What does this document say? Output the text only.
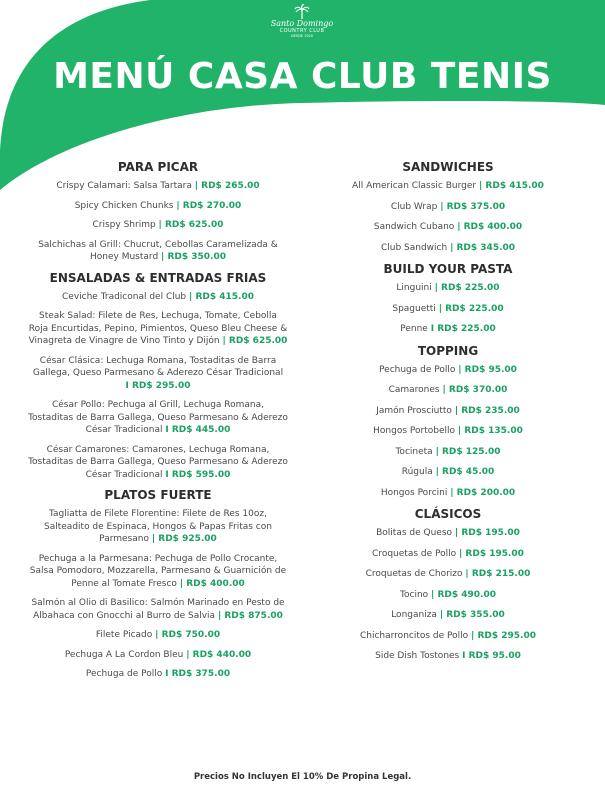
Santo Domingo
COUNTRY CLUB
DESDE 1920
MENÚ CASA CLUB TENIS
PARA PICAR
Crispy Calamari: Salsa Tartara | RD$ 265.00
Spicy Chicken Chunks | RD$ 270.00
Crispy Shrimp | RD$ 625.00
Salchichas al Grill: Chucrut, Cebollas Caramelizada & Honey Mustard | RD$ 350.00
ENSALADAS & ENTRADAS FRIAS
Ceviche Tradiconal del Club | RD$ 415.00
Steak Salad: Filete de Res, Lechuga, Tomate, Cebolla Roja Encurtidas, Pepino, Pimientos, Queso Bleu Cheese & Vinagreta de Vinagre de Vino Tinto y Dijón | RD$ 625.00
César Clásica: Lechuga Romana, Tostaditas de Barra Gallega, Queso Parmesano & Aderezo César Tradicional I RD$ 295.00
César Pollo: Pechuga al Grill, Lechuga Romana, Tostaditas de Barra Gallega, Queso Parmesano & Aderezo César Tradicional I RD$ 445.00
César Camarones: Camarones, Lechuga Romana, Tostaditas de Barra Gallega, Queso Parmesano & Aderezo César Tradicional I RD$ 595.00
PLATOS FUERTE
Tagliatta de Filete Florentine: Filete de Res 10oz, Salteadito de Espinaca, Hongos & Papas Fritas con Parmesano | RD$ 925.00
Pechuga a la Parmesana: Pechuga de Pollo Crocante, Salsa Pomodoro, Mozzarella, Parmesano & Guarnición de Penne al Tomate Fresco | RD$ 400.00
Salmón al Olio di Basilico: Salmón Marinado en Pesto de Albahaca con Gnocchi al Burro de Salvia | RD$ 875.00
Filete Picado | RD$ 750.00
Pechuga A La Cordon Bleu | RD$ 440.00
Pechuga de Pollo I RD$ 375.00
SANDWICHES
All American Classic Burger | RD$ 415.00
Club Wrap | RD$ 375.00
Sandwich Cubano | RD$ 400.00
Club Sandwich | RD$ 345.00
BUILD YOUR PASTA
Linguini | RD$ 225.00
Spaguetti | RD$ 225.00
Penne I RD$ 225.00
TOPPING
Pechuga de Pollo | RD$ 95.00
Camarones | RD$ 370.00
Jamón Prosciutto | RD$ 235.00
Hongos Portobello | RD$ 135.00
Tocineta | RD$ 125.00
Rúgula | RD$ 45.00
Hongos Porcini | RD$ 200.00
CLÁSICOS
Bolitas de Queso | RD$ 195.00
Croquetas de Pollo | RD$ 195.00
Croquetas de Chorizo | RD$ 215.00
Tocino | RD$ 490.00
Longaniza | RD$ 355.00
Chicharroncitos de Pollo | RD$ 295.00
Side Dish Tostones I RD$ 95.00
Precios No Incluyen El 10% De Propina Legal.
